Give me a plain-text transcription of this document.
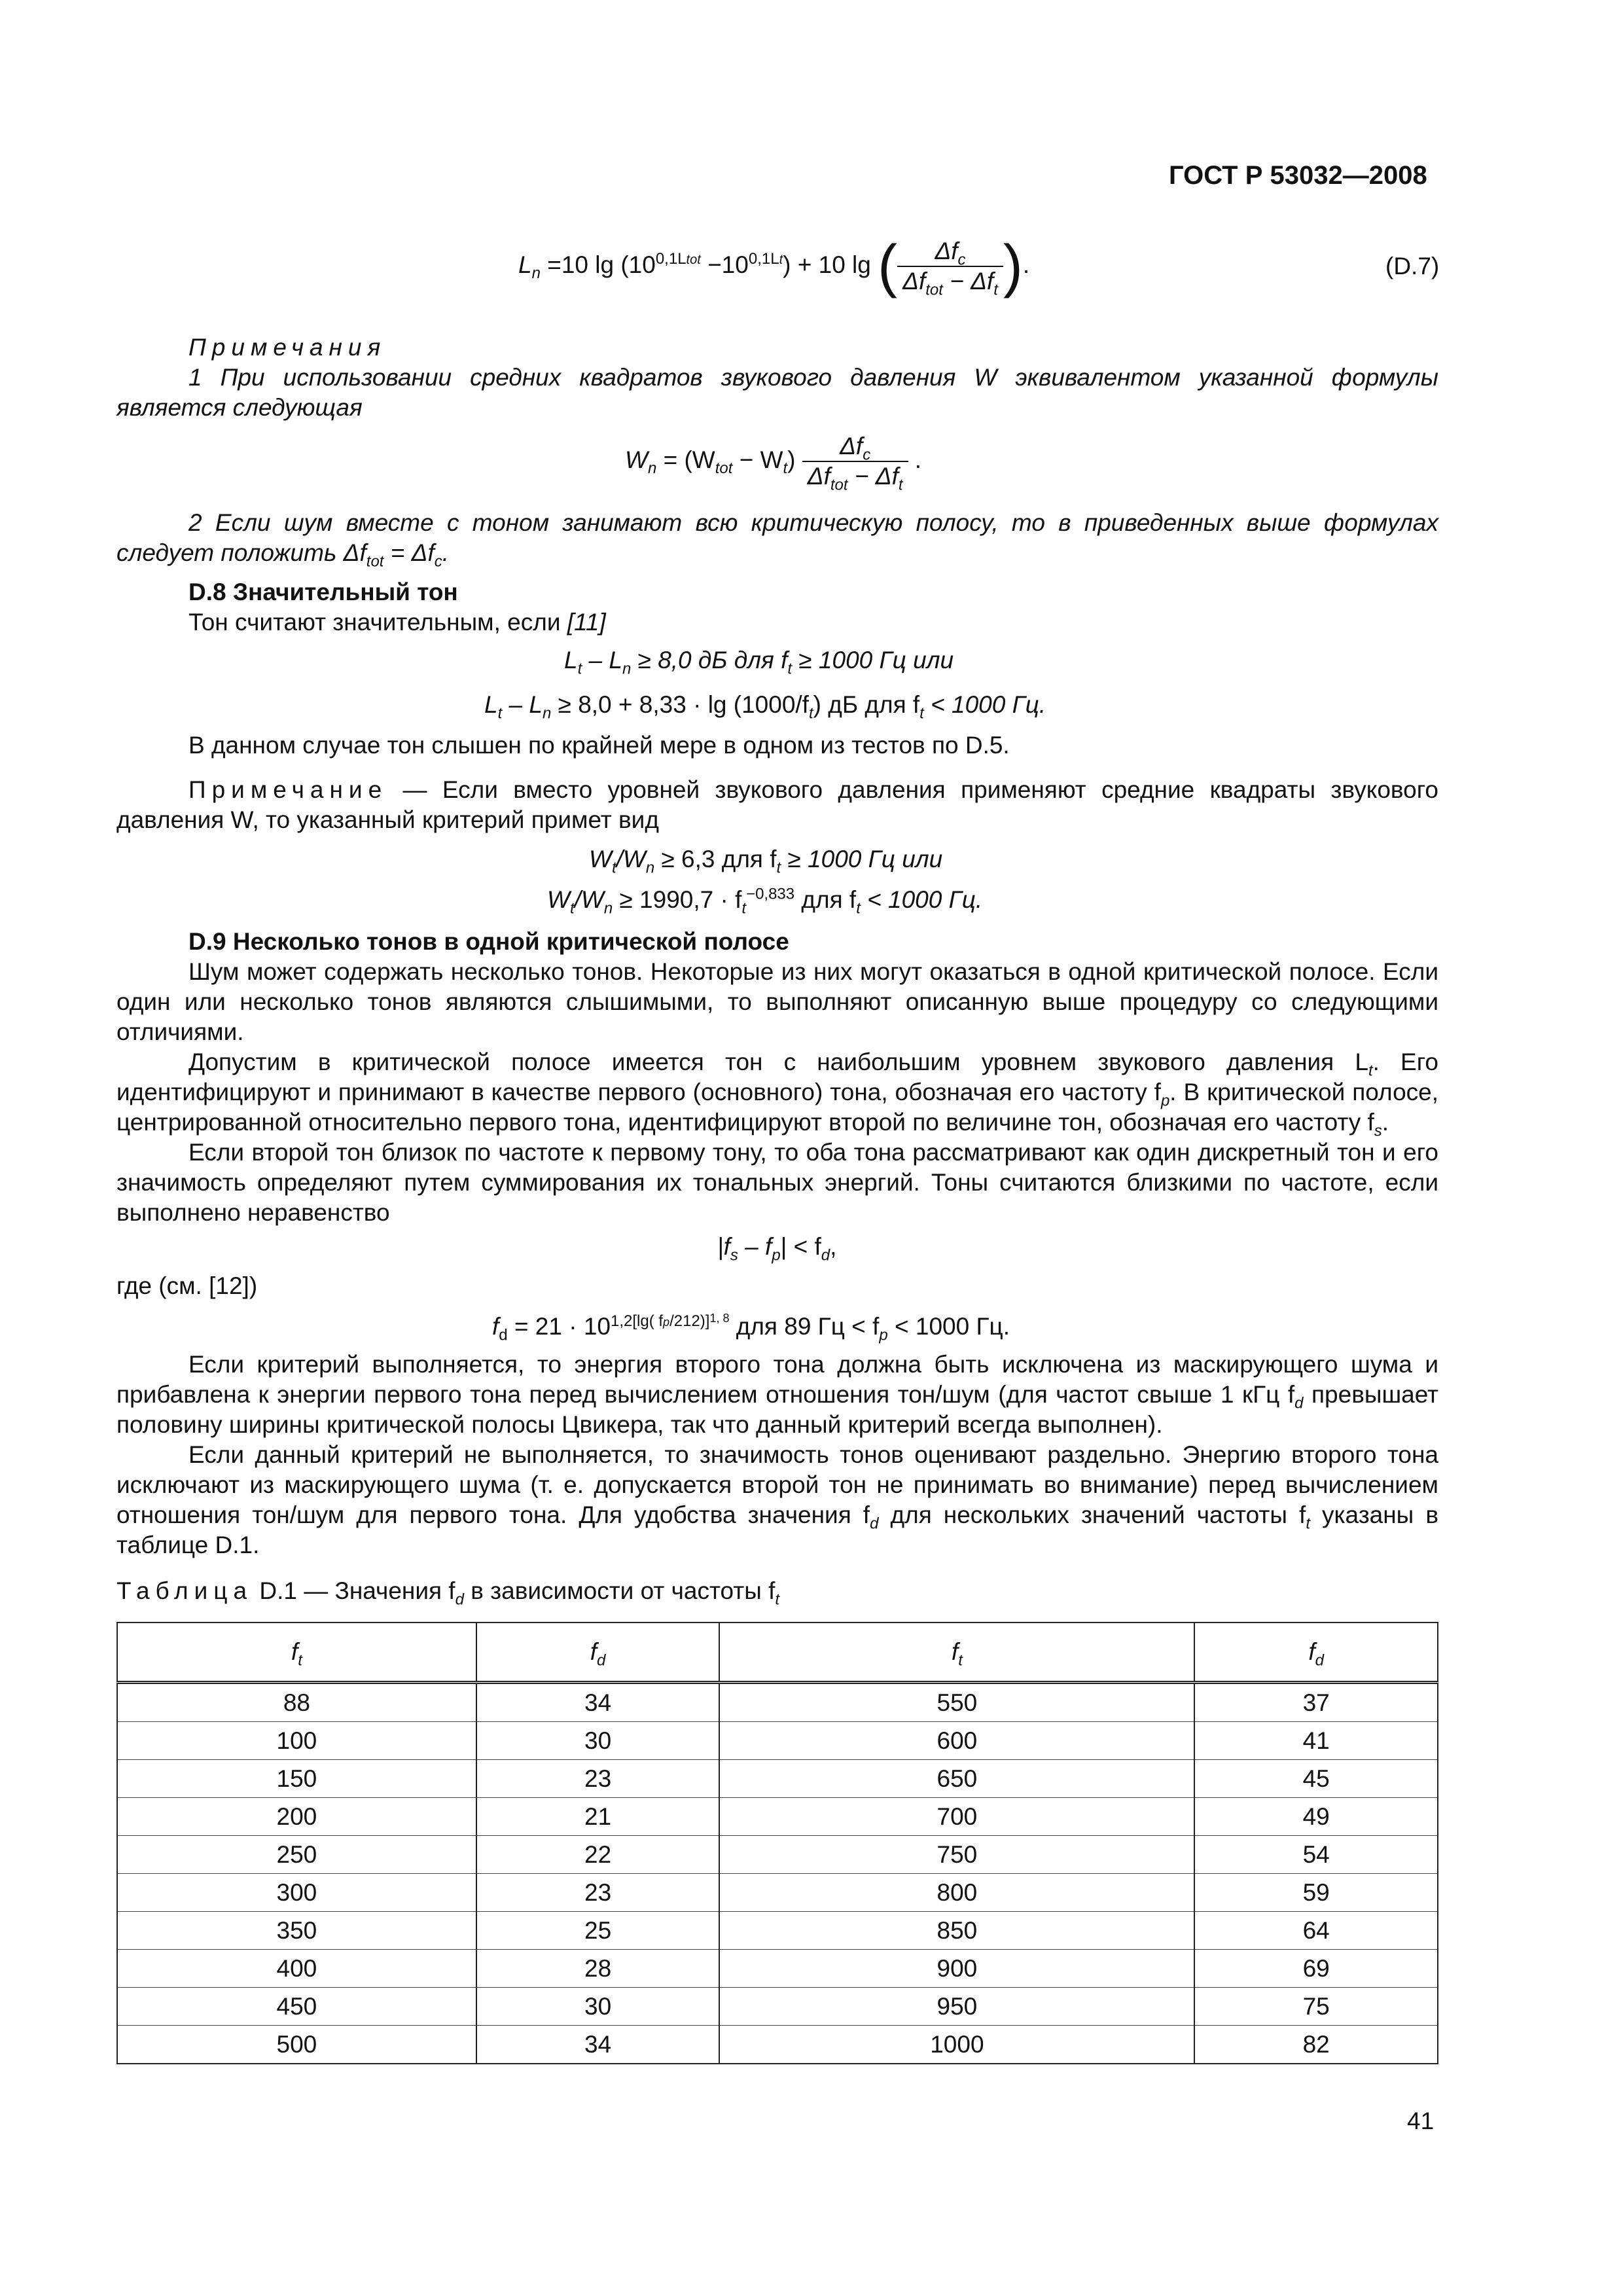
ГОСТ Р 53032—2008
$L_n =10$ $\lg (10^{0,1Ltot} -10^{0,1Lt}) + 10$ lg ( $\frac{\Delta f_c}{\Delta f_{tot} - \Delta f_t}$ ).	(D.7)
Примечания
1 При использовании средних квадратов звукового давления W эквивалентом указанной формулы является следующая
$W_n = (W_{tot} - W_t) \frac{\Delta f_c}{\Delta f_{tot} - \Delta f_t}$ .
2 Если шум вместе с тоном занимают всю критическую полосу, то в приведенных выше формулах следует положить $\Delta f_{tot} = \Delta f_c$.
D.8 Значительный тон
Тон считают значительным, если [11]
$L_t - L_n \ge 8,0$ дБ для $f_t \ge 1000$ Гц или
$L_t - L_n \ge 8,0 + 8,33 \cdot \lg (1000/f_t)$ дБ для $f_t < 1000$ Гц.
В данном случае тон слышен по крайней мере в одном из тестов по D.5.
Примечание — Если вместо уровней звукового давления применяют средние квадраты звукового давления W, то указанный критерий примет вид
$W_t/W_n \ge 6,3$ для $f_t \ge 1000$ Гц или
$W_t/W_n \ge 1990,7 \cdot f_t^{-0,833}$ для $f_t < 1000$ Гц.
D.9 Несколько тонов в одной критической полосе
Шум может содержать несколько тонов. Некоторые из них могут оказаться в одной критической полосе. Если один или несколько тонов являются слышимыми, то выполняют описанную выше процедуру со следующими отличиями.
Допустим в критической полосе имеется тон с наибольшим уровнем звукового давления $L_t$. Его идентифицируют и принимают в качестве первого (основного) тона, обозначая его частоту $f_p$. В критической полосе, центрированной относительно первого тона, идентифицируют второй по величине тон, обозначая его частоту $f_s$.
Если второй тон близок по частоте к первому тону, то оба тона рассматривают как один дискретный тон и его значимость определяют путем суммирования их тональных энергий. Тоны считаются близкими по частоте, если выполнено неравенство
$|f_s - f_p| < f_d$,
где (см. [12])
$f_d = 21 \cdot 10^{1,2[lg( fp/212)]^{1, 8}}$ для 89 Гц < $f_p < 1000$ Гц.
Если критерий выполняется, то энергия второго тона должна быть исключена из маскирующего шума и прибавлена к энергии первого тона перед вычислением отношения тон/шум (для частот свыше 1 кГц $f_d$ превышает половину ширины критической полосы Цвикера, так что данный критерий всегда выполнен).
Если данный критерий не выполняется, то значимость тонов оценивают раздельно. Энергию второго тона исключают из маскирующего шума (т. е. допускается второй тон не принимать во внимание) перед вычислением отношения тон/шум для первого тона. Для удобства значения $f_d$ для нескольких значений частоты $f_t$ указаны в таблице D.1.
Таблица D.1 — Значения $f_d$ в зависимости от частоты $f_t$
$f_t$	$f_d$	$f_t$	$f_d$
88	34	550	37
100	30	600	41
150	23	650	45
200	21	700	49
250	22	750	54
300	23	800	59
350	25	850	64
400	28	900	69
450	30	950	75
500	34	1000	82
41
